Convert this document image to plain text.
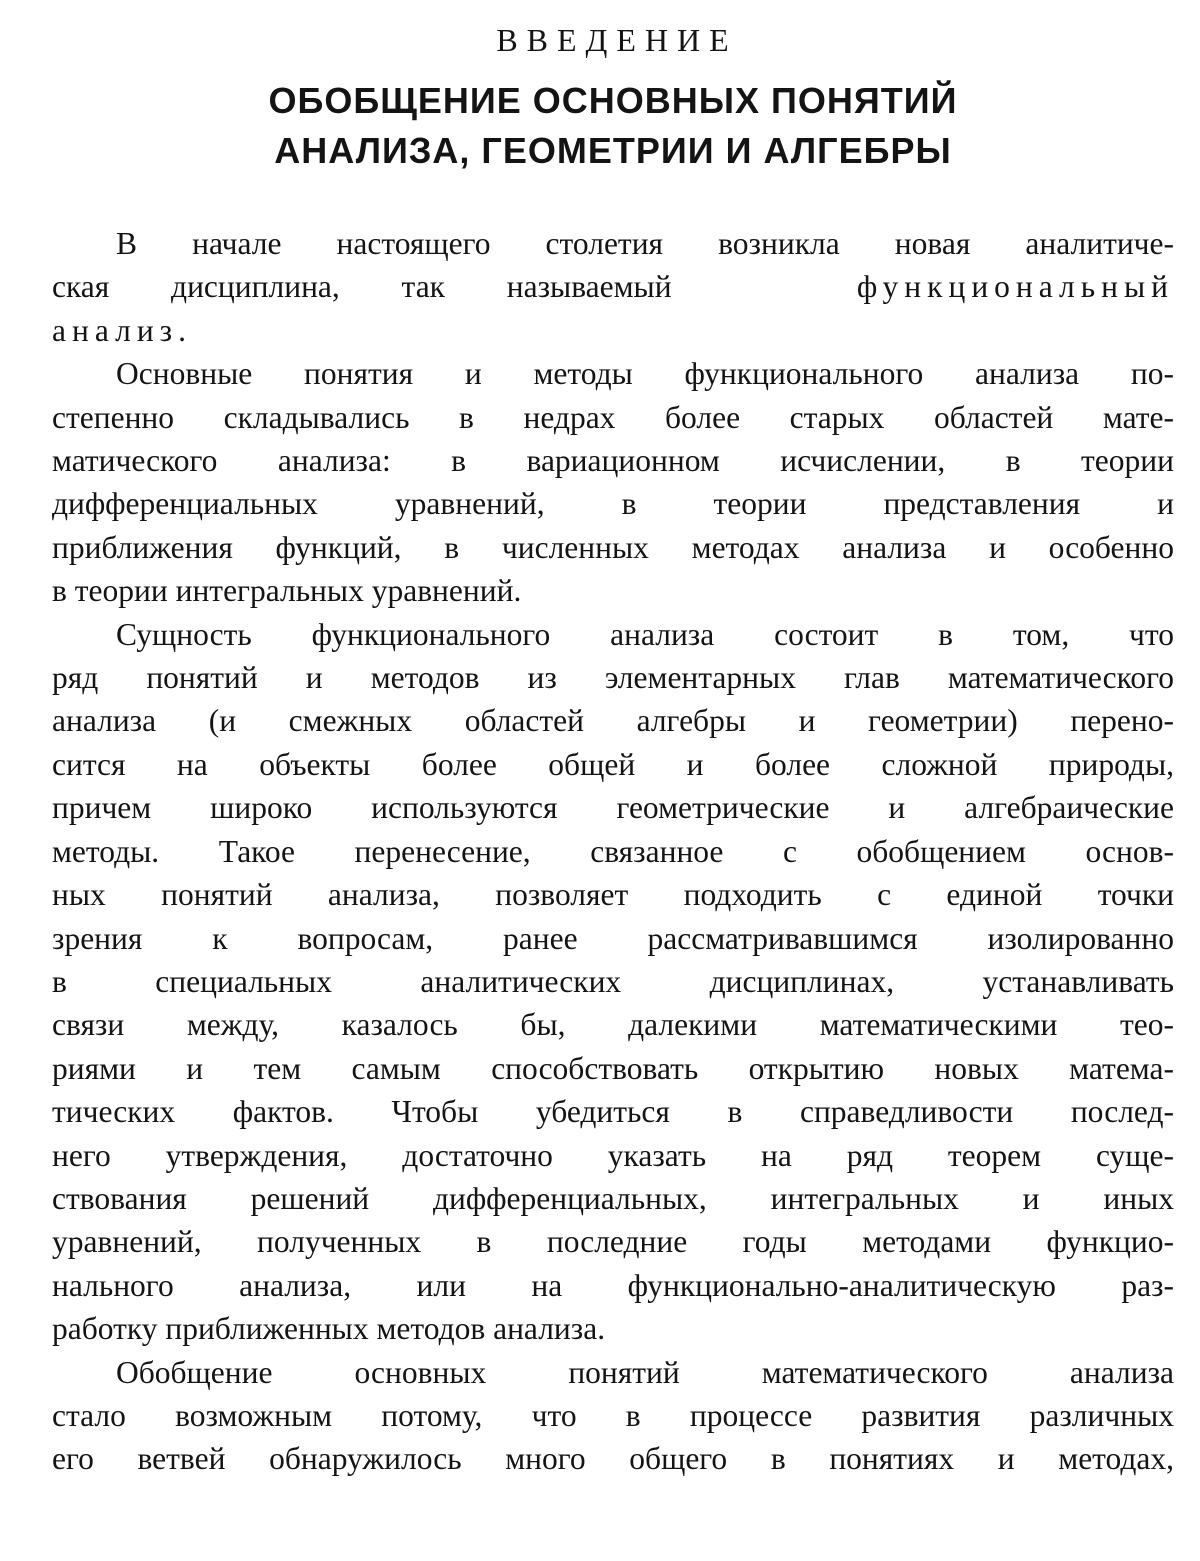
ВВЕДЕНИЕ
ОБОБЩЕНИЕ ОСНОВНЫХ ПОНЯТИЙ
АНАЛИЗА, ГЕОМЕТРИИ И АЛГЕБРЫ
В начале настоящего столетия возникла новая аналитиче-
ская дисциплина, так называемый	функциональный
анализ.
Основные понятия и методы функционального анализа по-
степенно складывались в недрах более старых областей мате-
матического анализа: в вариационном исчислении, в теории
дифференциальных уравнений, в теории представления и
приближения функций, в численных методах анализа и особенно
в теории интегральных уравнений.
Сущность функционального анализа состоит в том, что
ряд понятий и методов из элементарных глав математического
анализа (и смежных областей алгебры и геометрии) перено-
сится на объекты более общей и более сложной природы,
причем широко используются геометрические и алгебраические
методы. Такое перенесение, связанное с обобщением основ-
ных понятий анализа, позволяет подходить с единой точки
зрения к вопросам, ранее рассматривавшимся изолированно
в специальных аналитических дисциплинах, устанавливать
связи между, казалось бы, далекими математическими тео-
риями и тем самым способствовать открытию новых матема-
тических фактов. Чтобы убедиться в справедливости послед-
него утверждения, достаточно указать на ряд теорем суще-
ствования решений дифференциальных, интегральных и иных
уравнений, полученных в последние годы методами функцио-
нального анализа, или на функционально-аналитическую раз-
работку приближенных методов анализа.
Обобщение основных понятий математического анализа
стало возможным потому, что в процессе развития различных
его ветвей обнаружилось много общего в понятиях и методах,
